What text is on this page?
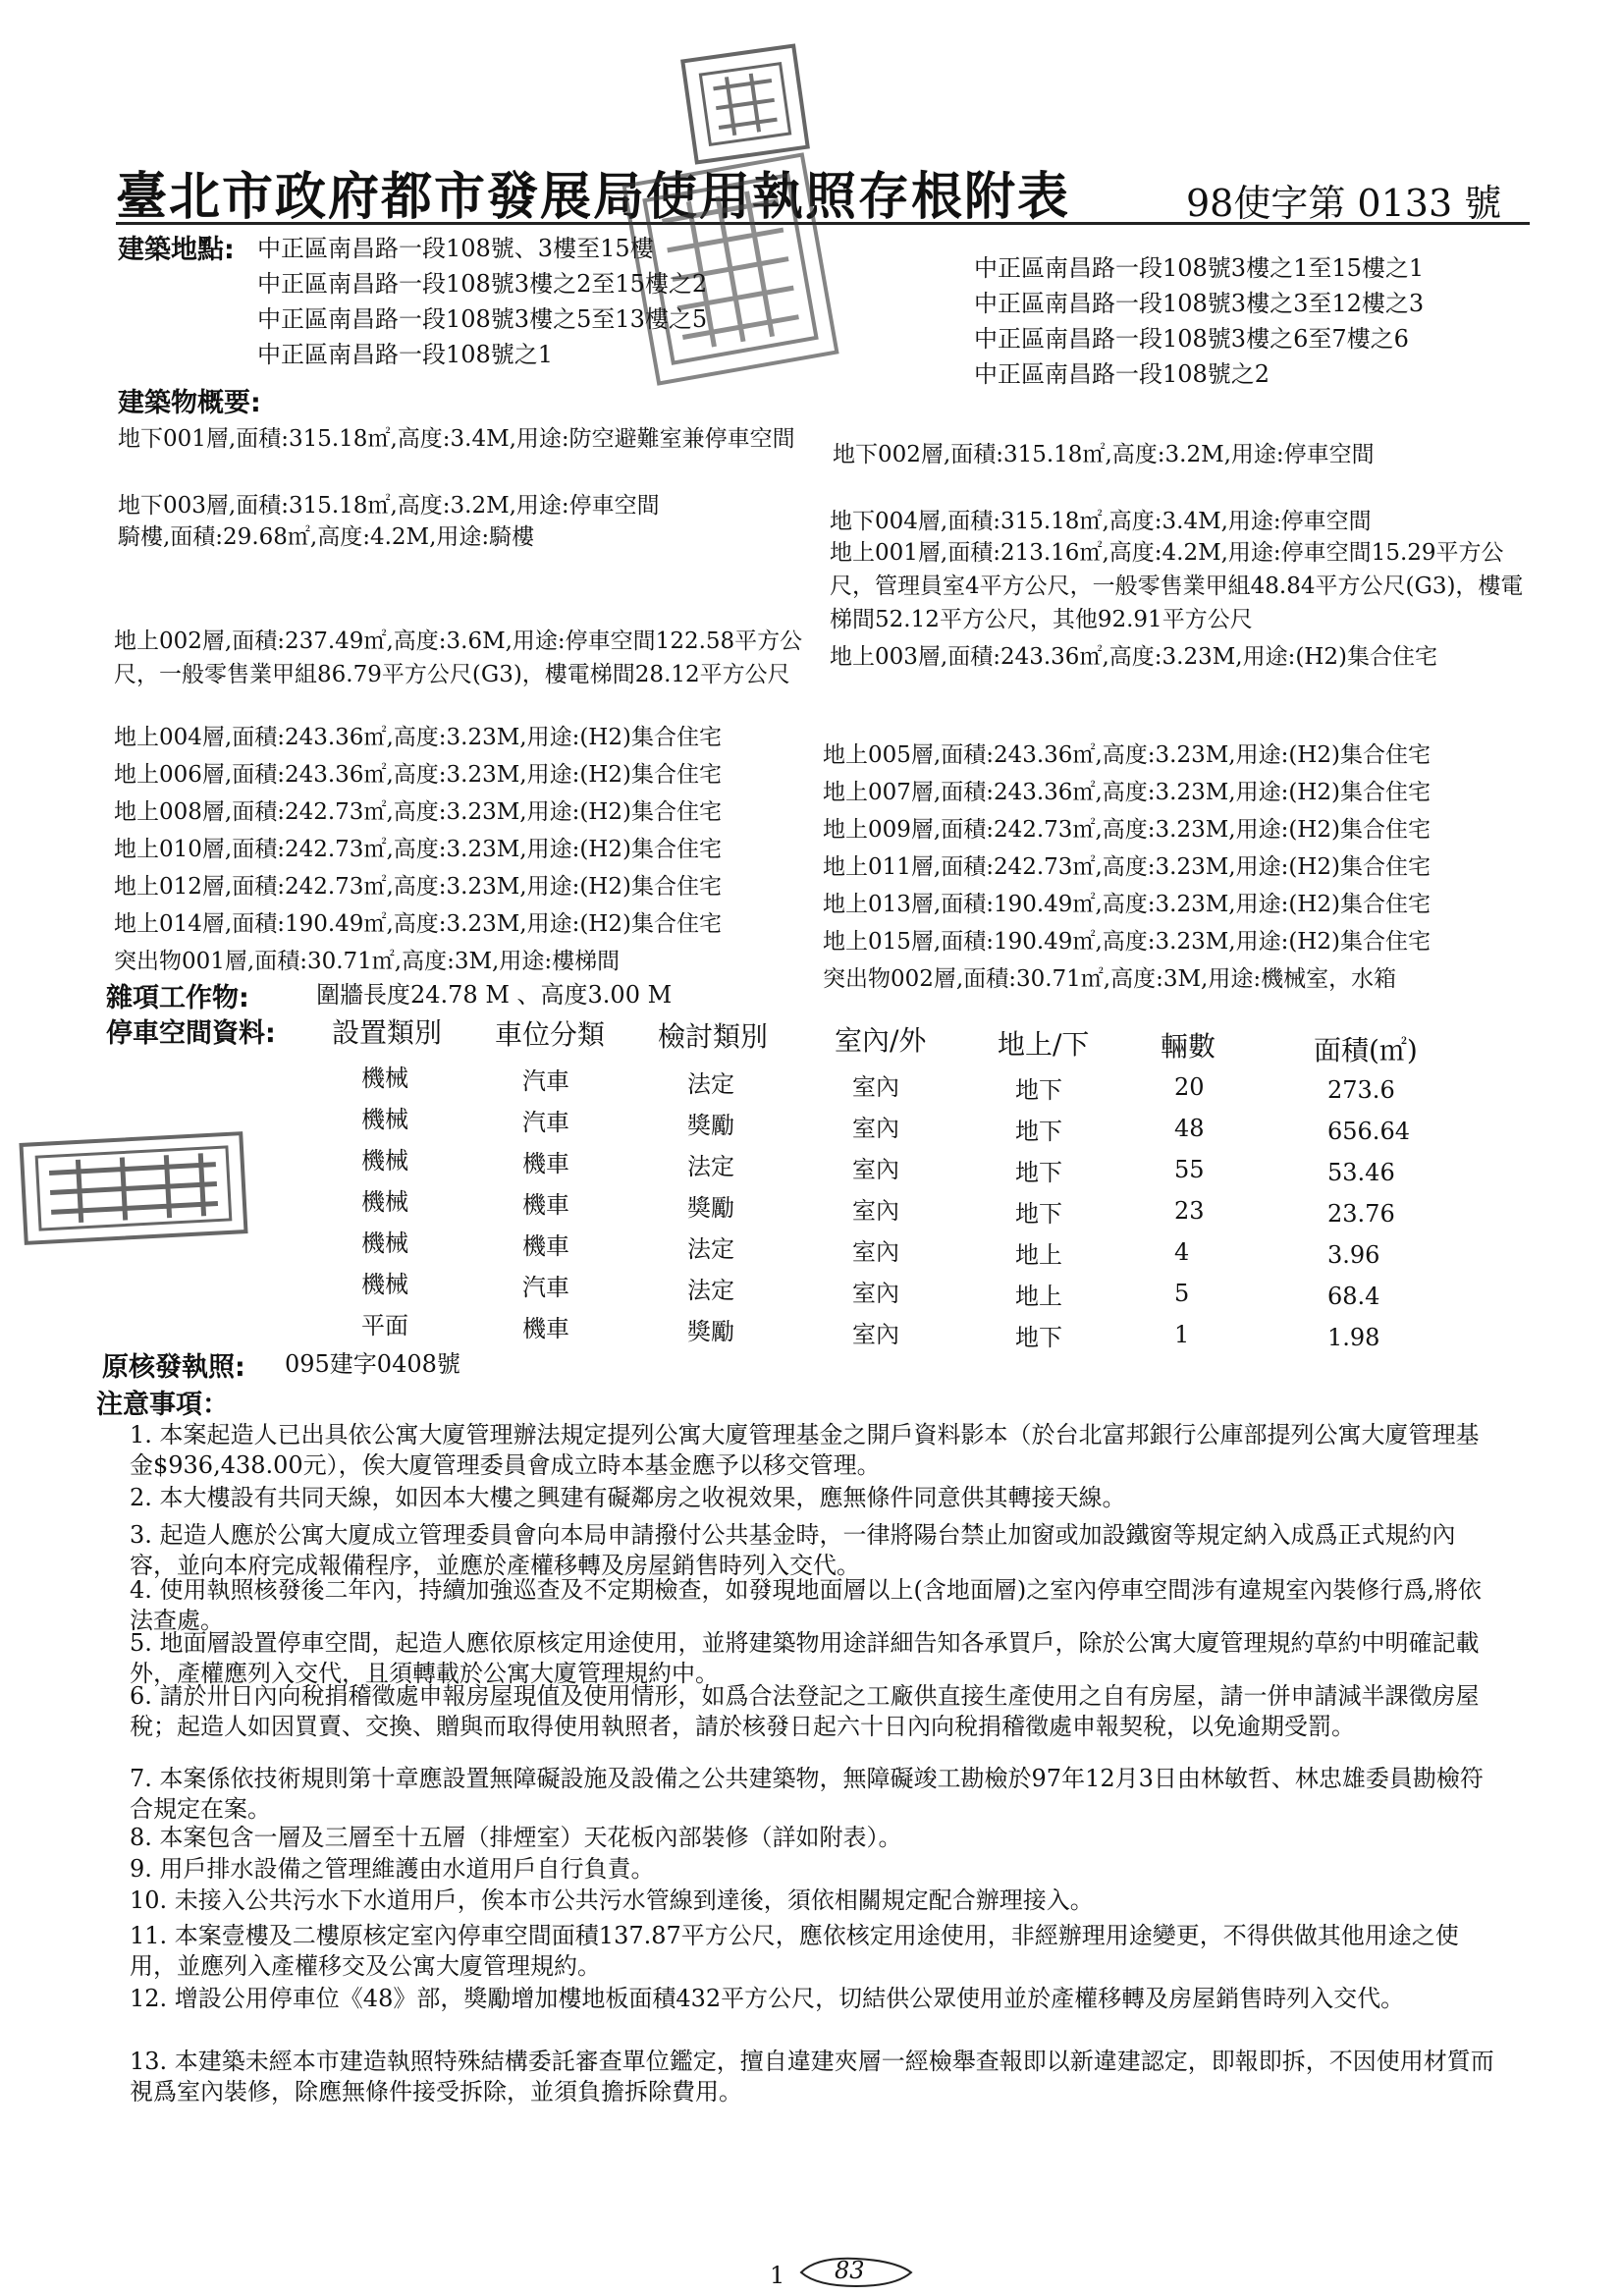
臺北市政府都市發展局使用執照存根附表	98使字第 0133 號
建築地點: 中正區南昌路一段108號、3樓至15樓
中正區南昌路一段108號3樓之2至15樓之2
中正區南昌路一段108號3樓之5至13樓之5
中正區南昌路一段108號之1
中正區南昌路一段108號3樓之1至15樓之1
中正區南昌路一段108號3樓之3至12樓之3
中正區南昌路一段108號3樓之6至7樓之6
中正區南昌路一段108號之2
建築物概要:
地下001層,面積:315.18㎡,高度:3.4M,用途:防空避難室兼停車空間
地下002層,面積:315.18㎡,高度:3.2M,用途:停車空間
地下003層,面積:315.18㎡,高度:3.2M,用途:停車空間
騎樓,面積:29.68㎡,高度:4.2M,用途:騎樓
地下004層,面積:315.18㎡,高度:3.4M,用途:停車空間
地上001層,面積:213.16㎡,高度:4.2M,用途:停車空間15.29平方公尺，管理員室4平方公尺，一般零售業甲組48.84平方公尺(G3)，樓電梯間52.12平方公尺，其他92.91平方公尺
地上002層,面積:237.49㎡,高度:3.6M,用途:停車空間122.58平方公尺，一般零售業甲組86.79平方公尺(G3)，樓電梯間28.12平方公尺
地上003層,面積:243.36㎡,高度:3.23M,用途:(H2)集合住宅
地上004層,面積:243.36㎡,高度:3.23M,用途:(H2)集合住宅
地上006層,面積:243.36㎡,高度:3.23M,用途:(H2)集合住宅
地上008層,面積:242.73㎡,高度:3.23M,用途:(H2)集合住宅
地上010層,面積:242.73㎡,高度:3.23M,用途:(H2)集合住宅
地上012層,面積:242.73㎡,高度:3.23M,用途:(H2)集合住宅
地上014層,面積:190.49㎡,高度:3.23M,用途:(H2)集合住宅
突出物001層,面積:30.71㎡,高度:3M,用途:樓梯間
地上005層,面積:243.36㎡,高度:3.23M,用途:(H2)集合住宅
地上007層,面積:243.36㎡,高度:3.23M,用途:(H2)集合住宅
地上009層,面積:242.73㎡,高度:3.23M,用途:(H2)集合住宅
地上011層,面積:242.73㎡,高度:3.23M,用途:(H2)集合住宅
地上013層,面積:190.49㎡,高度:3.23M,用途:(H2)集合住宅
地上015層,面積:190.49㎡,高度:3.23M,用途:(H2)集合住宅
突出物002層,面積:30.71㎡,高度:3M,用途:機械室，水箱
雜項工作物:	圍牆長度24.78 M 、高度3.00 M
停車空間資料: 設置類別 車位分類 檢討類別 室內/外	地上/下	輛數	面積(㎡)
機械	汽車	法定	室內	地下	20	273.6
機械	汽車	獎勵	室內	地下	48	656.64
機械	機車	法定	室內	地下	55	53.46
機械	機車	獎勵	室內	地下	23	23.76
機械	機車	法定	室內	地上	4	3.96
機械	汽車	法定	室內	地上	5	68.4
平面	機車	獎勵	室內	地下	1	1.98
原核發執照: 095建字0408號
注意事項：
1. 本案起造人已出具依公寓大廈管理辦法規定提列公寓大廈管理基金之開戶資料影本（於台北富邦銀行公庫部提列公寓大廈管理基金$936,438.00元），俟大廈管理委員會成立時本基金應予以移交管理。
2. 本大樓設有共同天線，如因本大樓之興建有礙鄰房之收視效果，應無條件同意供其轉接天線。
3. 起造人應於公寓大廈成立管理委員會向本局申請撥付公共基金時，一律將陽台禁止加窗或加設鐵窗等規定納入成爲正式規約內容，並向本府完成報備程序，並應於產權移轉及房屋銷售時列入交代。
4. 使用執照核發後二年內，持續加強巡查及不定期檢查，如發現地面層以上(含地面層)之室內停車空間涉有違規室內裝修行爲,將依法查處。
5. 地面層設置停車空間，起造人應依原核定用途使用，並將建築物用途詳細告知各承買戶，除於公寓大廈管理規約草約中明確記載外，產權應列入交代，且須轉載於公寓大廈管理規約中。
6. 請於卅日內向稅捐稽徵處申報房屋現值及使用情形，如爲合法登記之工廠供直接生產使用之自有房屋，請一併申請減半課徵房屋稅；起造人如因買賣、交換、贈與而取得使用執照者，請於核發日起六十日內向稅捐稽徵處申報契稅，以免逾期受罰。
7. 本案係依技術規則第十章應設置無障礙設施及設備之公共建築物，無障礙竣工勘檢於97年12月3日由林敏哲、林忠雄委員勘檢符合規定在案。
8. 本案包含一層及三層至十五層（排煙室）天花板內部裝修（詳如附表）。
9. 用戶排水設備之管理維護由水道用戶自行負責。
10. 未接入公共污水下水道用戶，俟本市公共污水管線到達後，須依相關規定配合辦理接入。
11. 本案壹樓及二樓原核定室內停車空間面積137.87平方公尺，應依核定用途使用，非經辦理用途變更，不得供做其他用途之使用，並應列入產權移交及公寓大廈管理規約。
12. 增設公用停車位《48》部，獎勵增加樓地板面積432平方公尺，切結供公眾使用並於產權移轉及房屋銷售時列入交代。
13. 本建築未經本市建造執照特殊結構委託審查單位鑑定，擅自違建夾層一經檢舉查報即以新違建認定，即報即拆，不因使用材質而視爲室內裝修，除應無條件接受拆除，並須負擔拆除費用。
1 83
